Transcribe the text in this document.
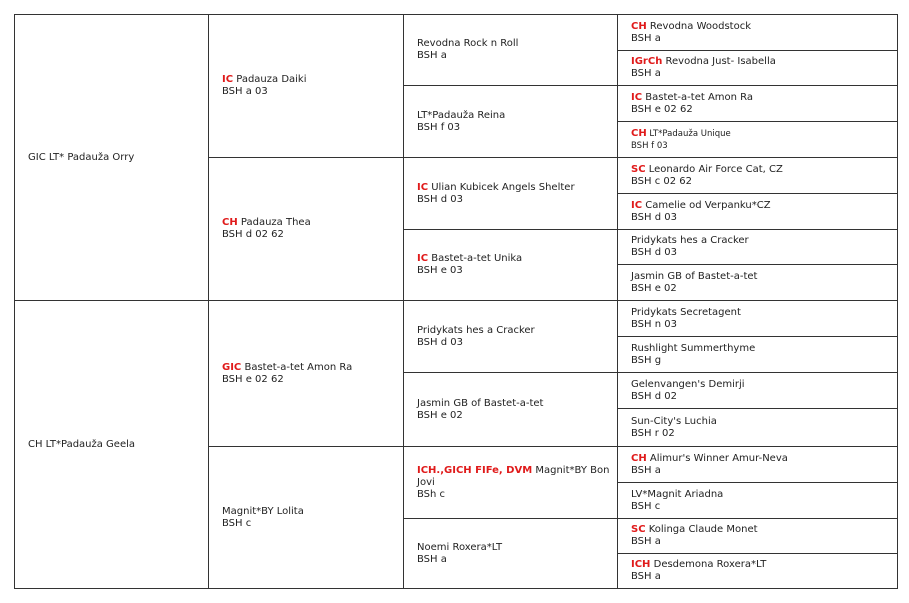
GIC LT* Padauža Orry
CH LT*Padauža Geela
IC Padauza Daiki
BSH a 03
CH Padauza Thea
BSH d 02 62
GIC Bastet-a-tet Amon Ra
BSH e 02 62
Magnit*BY Lolita
BSH c
Revodna Rock n Roll
BSH a
LT*Padauža Reina
BSH f 03
IC Ulian Kubicek Angels Shelter
BSH d 03
IC Bastet-a-tet Unika
BSH e 03
Pridykats hes a Cracker
BSH d 03
Jasmin GB of Bastet-a-tet
BSH e 02
ICH.,GICH FIFe, DVM Magnit*BY Bon Jovi
BSh c
Noemi Roxera*LT
BSH a
CH Revodna Woodstock
BSH a
IGrCh Revodna Just- Isabella
BSH a
IC Bastet-a-tet Amon Ra
BSH e 02 62
CH LT*Padauža Unique
BSH f 03
SC Leonardo Air Force Cat, CZ
BSH c 02 62
IC Camelie od Verpanku*CZ
BSH d 03
Pridykats hes a Cracker
BSH d 03
Jasmin GB of Bastet-a-tet
BSH e 02
Pridykats Secretagent
BSH n 03
Rushlight Summerthyme
BSH g
Gelenvangen's Demirji
BSH d 02
Sun-City's Luchia
BSH r 02
CH Alimur's Winner Amur-Neva
BSH a
LV*Magnit Ariadna
BSH c
SC Kolinga Claude Monet
BSH a
ICH Desdemona Roxera*LT
BSH a
